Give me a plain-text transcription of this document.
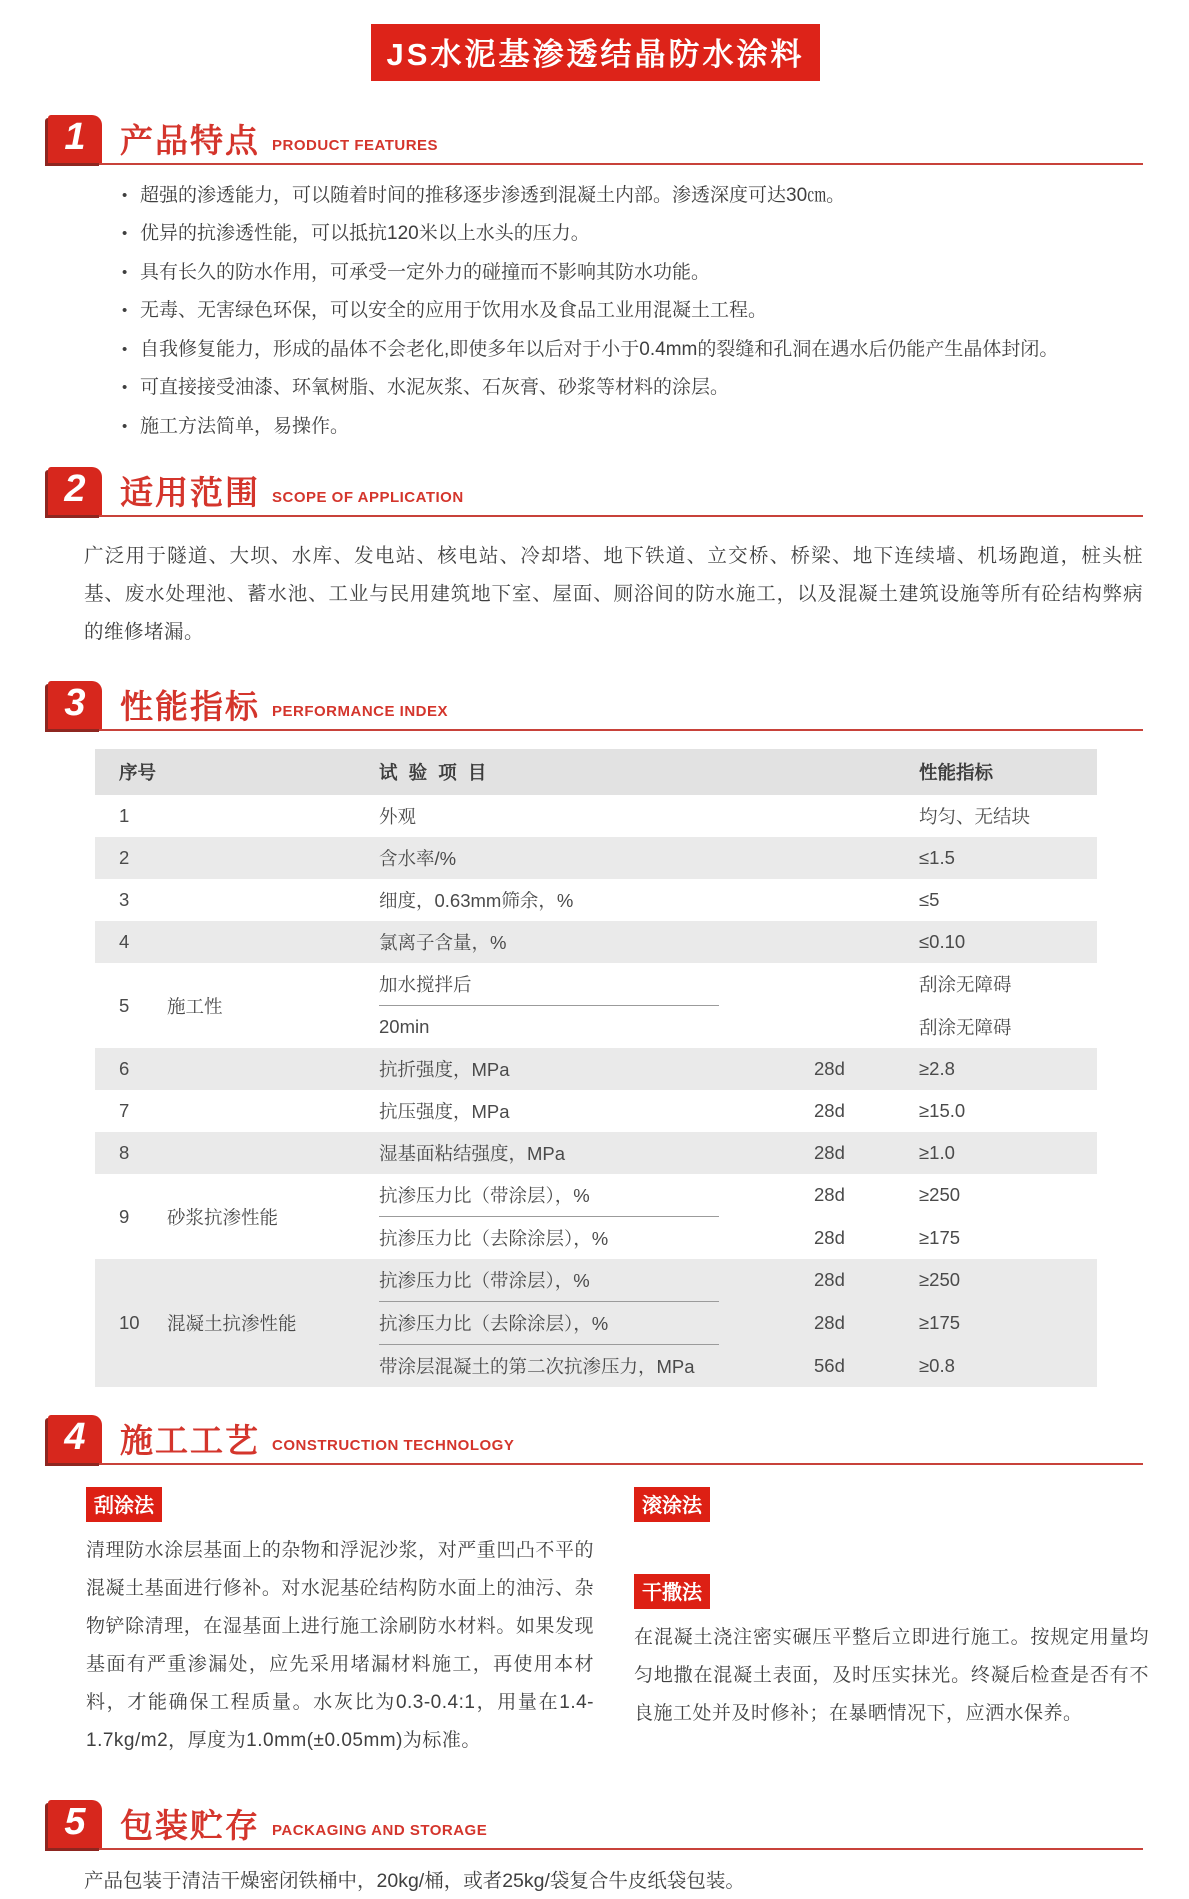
JS水泥基渗透结晶防水涂料
1	产品特点 PRODUCT FEATURES
• 超强的渗透能力，可以随着时间的推移逐步渗透到混凝土内部。渗透深度可达30㎝。
• 优异的抗渗透性能，可以抵抗120米以上水头的压力。
• 具有长久的防水作用，可承受一定外力的碰撞而不影响其防水功能。
• 无毒、无害绿色环保，可以安全的应用于饮用水及食品工业用混凝土工程。
• 自我修复能力，形成的晶体不会老化,即使多年以后对于小于0.4mm的裂缝和孔洞在遇水后仍能产生晶体封闭。
• 可直接接受油漆、环氧树脂、水泥灰浆、石灰膏、砂浆等材料的涂层。
• 施工方法简单，易操作。
2	适用范围 SCOPE OF APPLICATION
广泛用于隧道、大坝、水库、发电站、核电站、冷却塔、地下铁道、立交桥、桥梁、地下连续墙、机场跑道，桩头桩基、废水处理池、蓄水池、工业与民用建筑地下室、屋面、厕浴间的防水施工，以及混凝土建筑设施等所有砼结构弊病的维修堵漏。
3	性能指标 PERFORMANCE INDEX
序号	试 验 项 目	性能指标
1	外观	均匀、无结块
2	含水率/%	≤1.5
3	细度，0.63mm筛余，%	≤5
4	氯离子含量，%	≤0.10
5	施工性
加水搅拌后	刮涂无障碍
20min	刮涂无障碍
6	抗折强度，MPa	28d	≥2.8
7	抗压强度，MPa	28d	≥15.0
8	湿基面粘结强度，MPa	28d	≥1.0
9	砂浆抗渗性能
抗渗压力比（带涂层），%	28d	≥250
抗渗压力比（去除涂层），%	28d	≥175
10	混凝土抗渗性能
抗渗压力比（带涂层），%	28d	≥250
抗渗压力比（去除涂层），%	28d	≥175
带涂层混凝土的第二次抗渗压力，MPa	56d	≥0.8
4	施工工艺 CONSTRUCTION TECHNOLOGY
刮涂法
清理防水涂层基面上的杂物和浮泥沙浆，对严重凹凸不平的混凝土基面进行修补。对水泥基砼结构防水面上的油污、杂物铲除清理，在湿基面上进行施工涂刷防水材料。如果发现基面有严重渗漏处，应先采用堵漏材料施工，再使用本材料，才能确保工程质量。水灰比为0.3-0.4:1，用量在1.4-1.7kg/m2，厚度为1.0mm(±0.05mm)为标准。
滚涂法
干撒法
在混凝土浇注密实碾压平整后立即进行施工。按规定用量均匀地撒在混凝土表面，及时压实抹光。终凝后检查是否有不良施工处并及时修补；在暴晒情况下，应洒水保养。
5	包装贮存 PACKAGING AND STORAGE
产品包装于清洁干燥密闭铁桶中，20kg/桶，或者25kg/袋复合牛皮纸袋包装。
